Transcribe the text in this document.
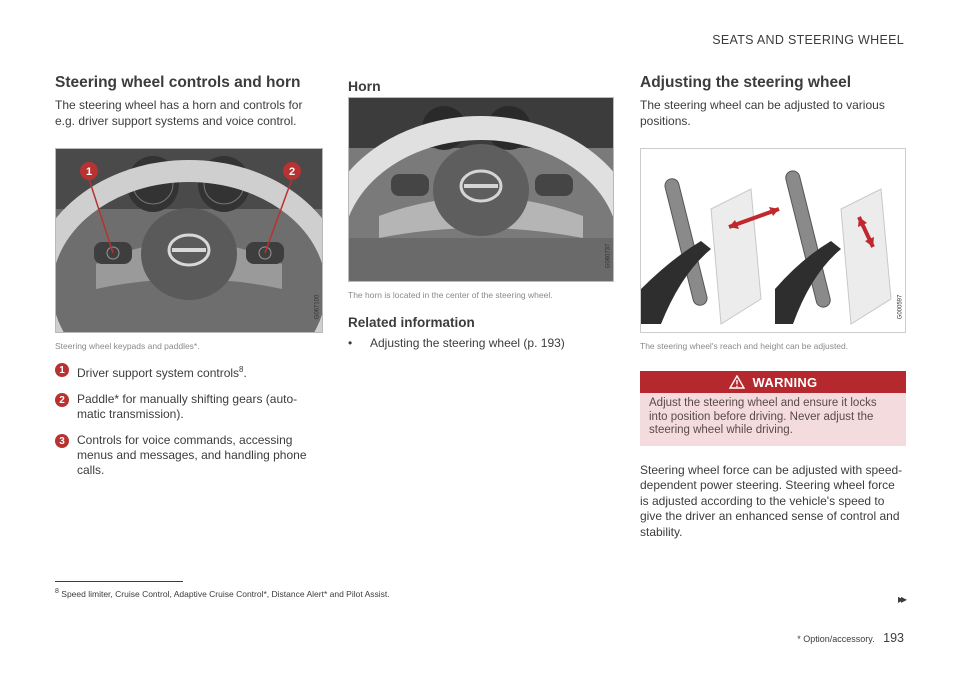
SEATS AND STEERING WHEEL
Steering wheel controls and horn

The steering wheel has a horn and controls for e.g. driver support systems and voice control.

1	2
G067100
Steering wheel keypads and paddles*.
1	Driver support system controls$^8$.
2	Paddle* for manually shifting gears (auto-matic transmission).
3	Controls for voice commands, accessing menus and messages, and handling phone calls.
Horn
G080737
The horn is located in the center of the steering wheel.
Related information
•	Adjusting the steering wheel (p. 193)
Adjusting the steering wheel

The steering wheel can be adjusted to various positions.

G000597
The steering wheel's reach and height can be adjusted.
WARNING
Adjust the steering wheel and ensure it locks into position before driving. Never adjust the steering wheel while driving.

Steering wheel force can be adjusted with speed-dependent power steering. Steering wheel force is adjusted according to the vehicle's speed to give the driver an enhanced sense of control and stability.

$^8$ Speed limiter, Cruise Control, Adaptive Cruise Control*, Distance Alert* and Pilot Assist.	▸▸
* Option/accessory. 193
